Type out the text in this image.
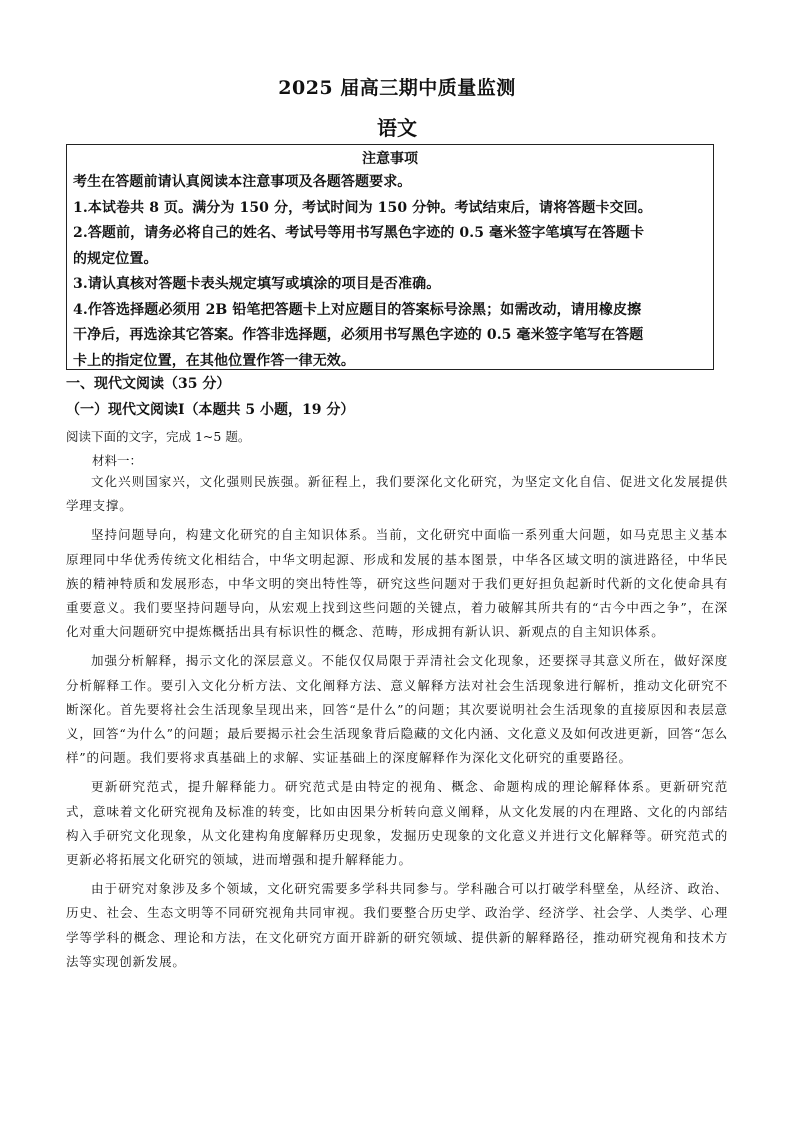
2025 届高三期中质量监测
语文
注意事项

考生在答题前请认真阅读本注意事项及各题答题要求。

1.本试卷共 8 页。满分为 150 分，考试时间为 150 分钟。考试结束后，请将答题卡交回。

2.答题前，请务必将自己的姓名、考试号等用书写黑色字迹的 0.5 毫米签字笔填写在答题卡

的规定位置。

3.请认真核对答题卡表头规定填写或填涂的项目是否准确。

4.作答选择题必须用 2B 铅笔把答题卡上对应题目的答案标号涂黑；如需改动，请用橡皮擦

干净后，再选涂其它答案。作答非选择题，必须用书写黑色字迹的 0.5 毫米签字笔写在答题

卡上的指定位置，在其他位置作答一律无效。

一、现代文阅读（35 分）
（一）现代文阅读Ⅰ（本题共 5 小题，19 分）
阅读下面的文字，完成 1~5 题。
材料一：

文化兴则国家兴，文化强则民族强。新征程上，我们要深化文化研究，为坚定文化自信、促进文化发展提供学理支撑。

坚持问题导向，构建文化研究的自主知识体系。当前，文化研究中面临一系列重大问题，如马克思主义基本原理同中华优秀传统文化相结合，中华文明起源、形成和发展的基本图景，中华各区域文明的演进路径，中华民族的精神特质和发展形态，中华文明的突出特性等，研究这些问题对于我们更好担负起新时代新的文化使命具有重要意义。我们要坚持问题导向，从宏观上找到这些问题的关键点，着力破解其所共有的“古今中西之争”，在深化对重大问题研究中提炼概括出具有标识性的概念、范畴，形成拥有新认识、新观点的自主知识体系。

加强分析解释，揭示文化的深层意义。不能仅仅局限于弄清社会文化现象，还要探寻其意义所在，做好深度分析解释工作。要引入文化分析方法、文化阐释方法、意义解释方法对社会生活现象进行解析，推动文化研究不断深化。首先要将社会生活现象呈现出来，回答“是什么”的问题；其次要说明社会生活现象的直接原因和表层意义，回答“为什么”的问题；最后要揭示社会生活现象背后隐藏的文化内涵、文化意义及如何改进更新，回答“怎么样”的问题。我们要将求真基础上的求解、实证基础上的深度解释作为深化文化研究的重要路径。

更新研究范式，提升解释能力。研究范式是由特定的视角、概念、命题构成的理论解释体系。更新研究范式，意味着文化研究视角及标准的转变，比如由因果分析转向意义阐释，从文化发展的内在理路、文化的内部结构入手研究文化现象，从文化建构角度解释历史现象，发掘历史现象的文化意义并进行文化解释等。研究范式的更新必将拓展文化研究的领域，进而增强和提升解释能力。

由于研究对象涉及多个领域，文化研究需要多学科共同参与。学科融合可以打破学科壁垒，从经济、政治、历史、社会、生态文明等不同研究视角共同审视。我们要整合历史学、政治学、经济学、社会学、人类学、心理学等学科的概念、理论和方法，在文化研究方面开辟新的研究领域、提供新的解释路径，推动研究视角和技术方法等实现创新发展。
